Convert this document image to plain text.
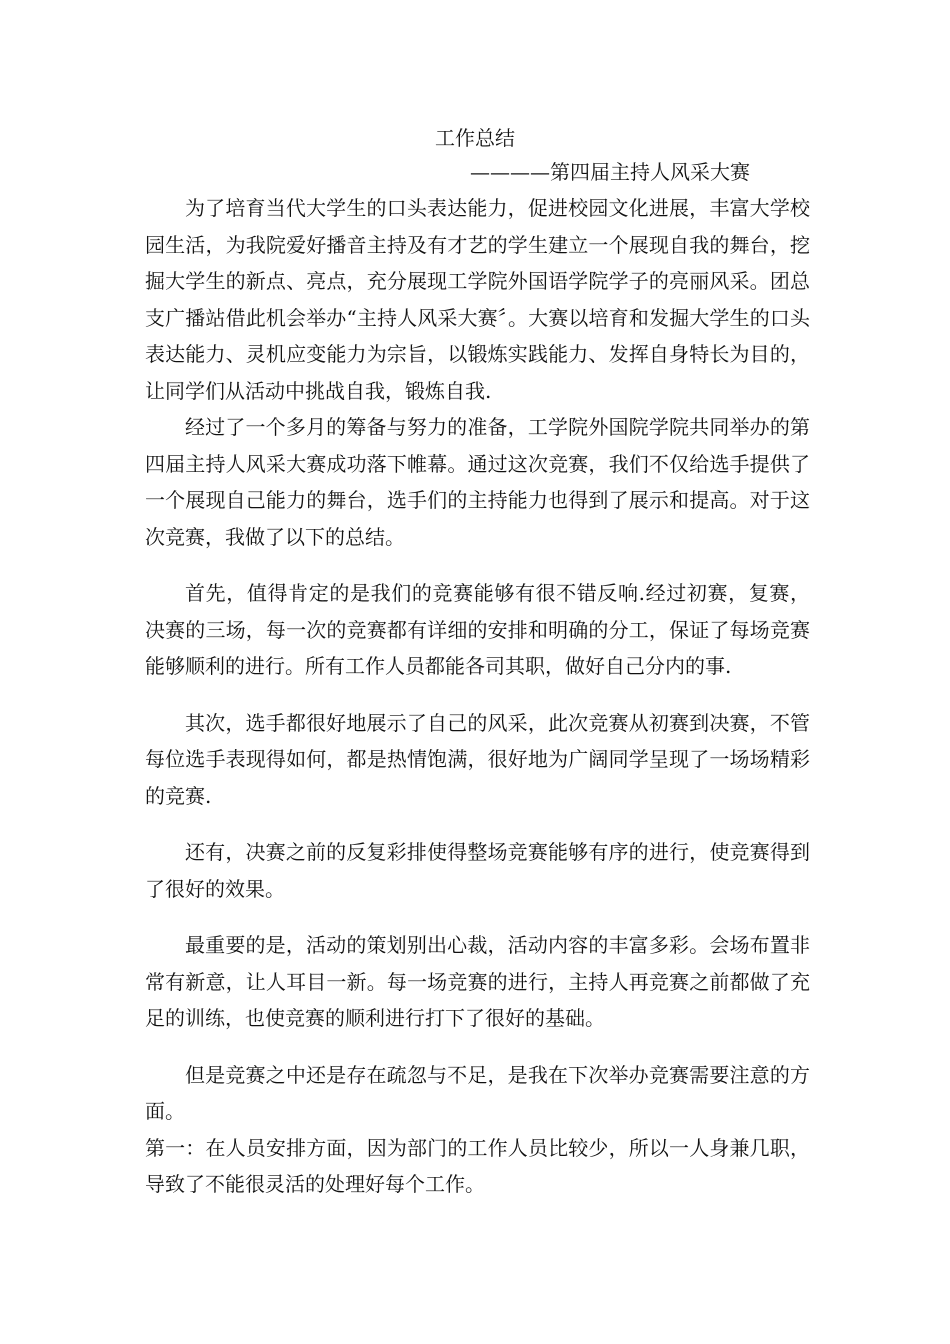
工作总结

————第四届主持人风采大赛

为了培育当代大学生的口头表达能力，促进校园文化进展，丰富大学校园生活，为我院爱好播音主持及有才艺的学生建立一个展现自我的舞台，挖掘大学生的新点、亮点，充分展现工学院外国语学院学子的亮丽风采。团总支广播站借此机会举办“主持人风采大赛〞。大赛以培育和发掘大学生的口头表达能力、灵机应变能力为宗旨，以锻炼实践能力、发挥自身特长为目的，让同学们从活动中挑战自我，锻炼自我.

经过了一个多月的筹备与努力的准备，工学院外国院学院共同举办的第四届主持人风采大赛成功落下帷幕。通过这次竞赛，我们不仅给选手提供了一个展现自己能力的舞台，选手们的主持能力也得到了展示和提高。对于这次竞赛，我做了以下的总结。

首先，值得肯定的是我们的竞赛能够有很不错反响.经过初赛，复赛，决赛的三场，每一次的竞赛都有详细的安排和明确的分工，保证了每场竞赛能够顺利的进行。所有工作人员都能各司其职，做好自己分内的事.

其次，选手都很好地展示了自己的风采，此次竞赛从初赛到决赛，不管每位选手表现得如何，都是热情饱满，很好地为广阔同学呈现了一场场精彩的竞赛.

还有，决赛之前的反复彩排使得整场竞赛能够有序的进行，使竞赛得到了很好的效果。

最重要的是，活动的策划别出心裁，活动内容的丰富多彩。会场布置非常有新意，让人耳目一新。每一场竞赛的进行，主持人再竞赛之前都做了充足的训练，也使竞赛的顺利进行打下了很好的基础。

但是竞赛之中还是存在疏忽与不足，是我在下次举办竞赛需要注意的方面。

第一：在人员安排方面，因为部门的工作人员比较少，所以一人身兼几职，导致了不能很灵活的处理好每个工作。
